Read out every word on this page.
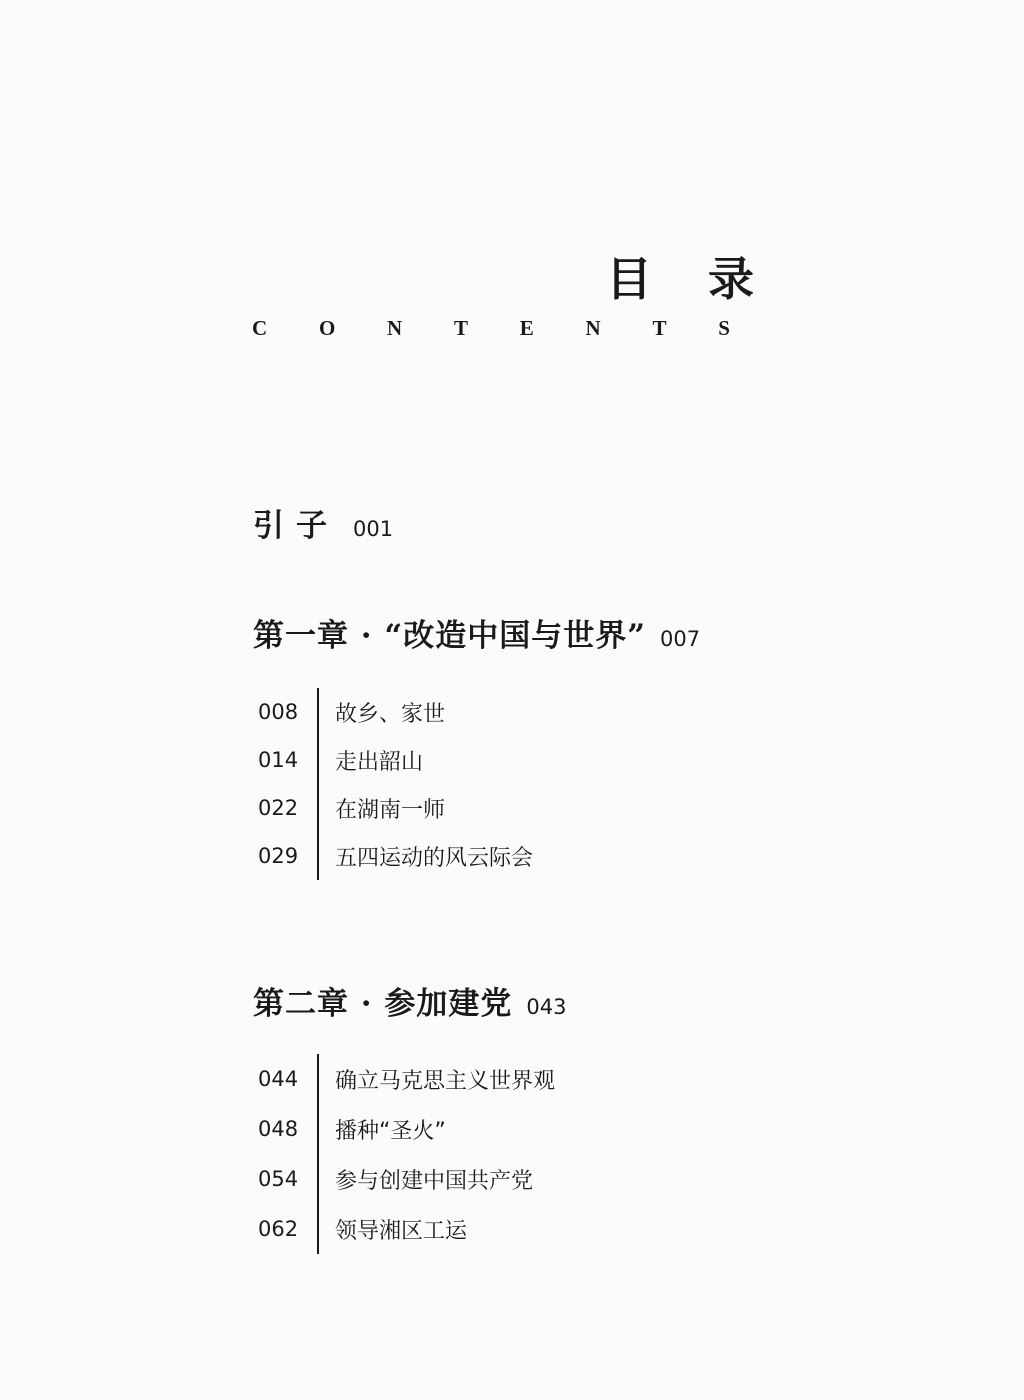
目 录
C O N T E N T S
引子 001
第一章 · “改造中国与世界” 007
008 故乡、家世
014 走出韶山
022 在湖南一师
029 五四运动的风云际会
第二章 · 参加建党 043
044 确立马克思主义世界观
048 播种“圣火”
054 参与创建中国共产党
062 领导湘区工运
